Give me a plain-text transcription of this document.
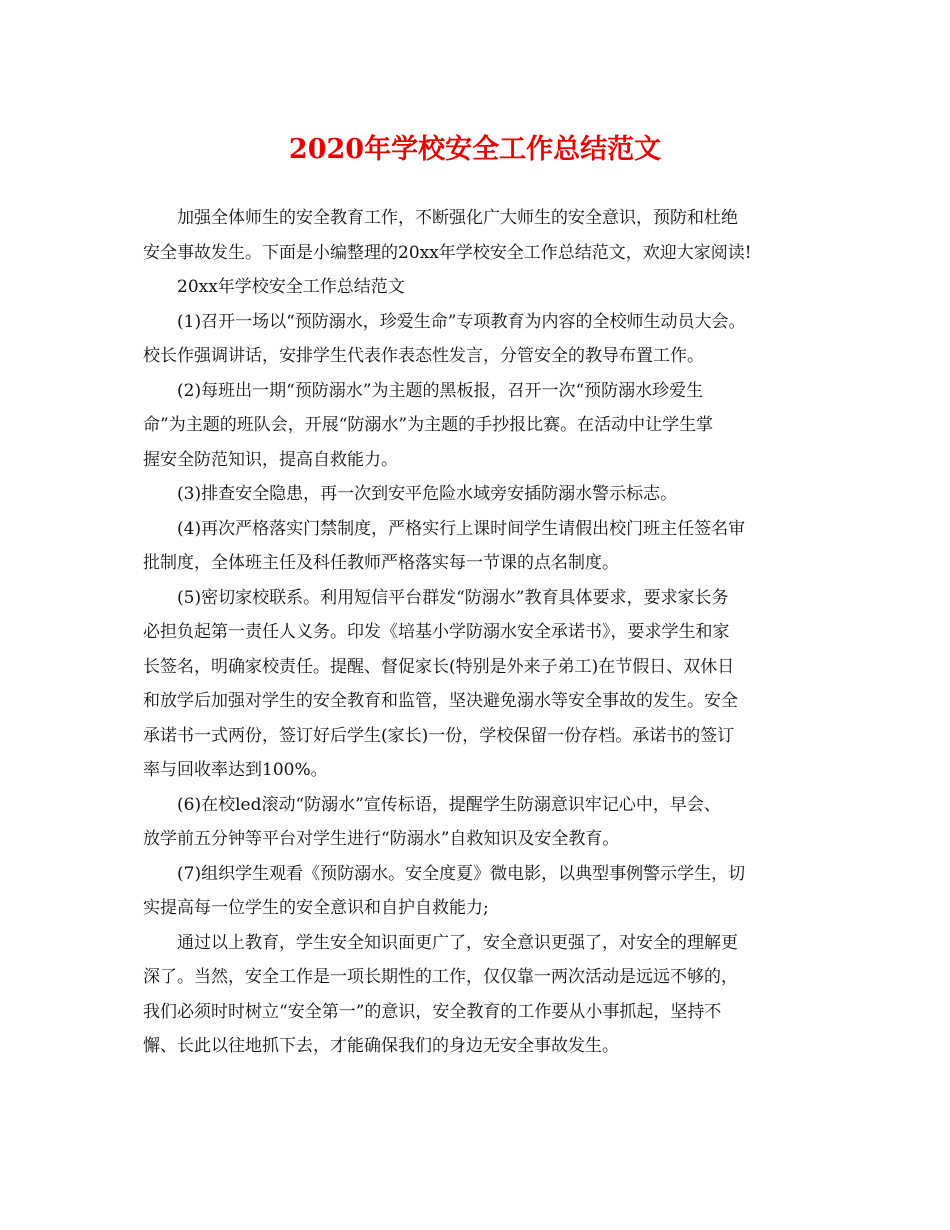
2020年学校安全工作总结范文
加强全体师生的安全教育工作，不断强化广大师生的安全意识，预防和杜绝
安全事故发生。下面是小编整理的20xx年学校安全工作总结范文，欢迎大家阅读!
20xx年学校安全工作总结范文
(1)召开一场以“预防溺水，珍爱生命”专项教育为内容的全校师生动员大会。
校长作强调讲话，安排学生代表作表态性发言，分管安全的教导布置工作。
(2)每班出一期“预防溺水”为主题的黑板报，召开一次“预防溺水珍爱生
命”为主题的班队会，开展“防溺水”为主题的手抄报比赛。在活动中让学生掌
握安全防范知识，提高自救能力。
(3)排查安全隐患，再一次到安平危险水域旁安插防溺水警示标志。
(4)再次严格落实门禁制度，严格实行上课时间学生请假出校门班主任签名审
批制度，全体班主任及科任教师严格落实每一节课的点名制度。
(5)密切家校联系。利用短信平台群发“防溺水”教育具体要求，要求家长务
必担负起第一责任人义务。印发《培基小学防溺水安全承诺书》，要求学生和家
长签名，明确家校责任。提醒、督促家长(特别是外来子弟工)在节假日、双休日
和放学后加强对学生的安全教育和监管，坚决避免溺水等安全事故的发生。安全
承诺书一式两份，签订好后学生(家长)一份，学校保留一份存档。承诺书的签订
率与回收率达到100%。
(6)在校led滚动“防溺水”宣传标语，提醒学生防溺意识牢记心中，早会、
放学前五分钟等平台对学生进行“防溺水”自救知识及安全教育。
(7)组织学生观看《预防溺水。安全度夏》微电影，以典型事例警示学生，切
实提高每一位学生的安全意识和自护自救能力;
通过以上教育，学生安全知识面更广了，安全意识更强了，对安全的理解更
深了。当然，安全工作是一项长期性的工作，仅仅靠一两次活动是远远不够的，
我们必须时时树立“安全第一”的意识，安全教育的工作要从小事抓起，坚持不
懈、长此以往地抓下去，才能确保我们的身边无安全事故发生。
